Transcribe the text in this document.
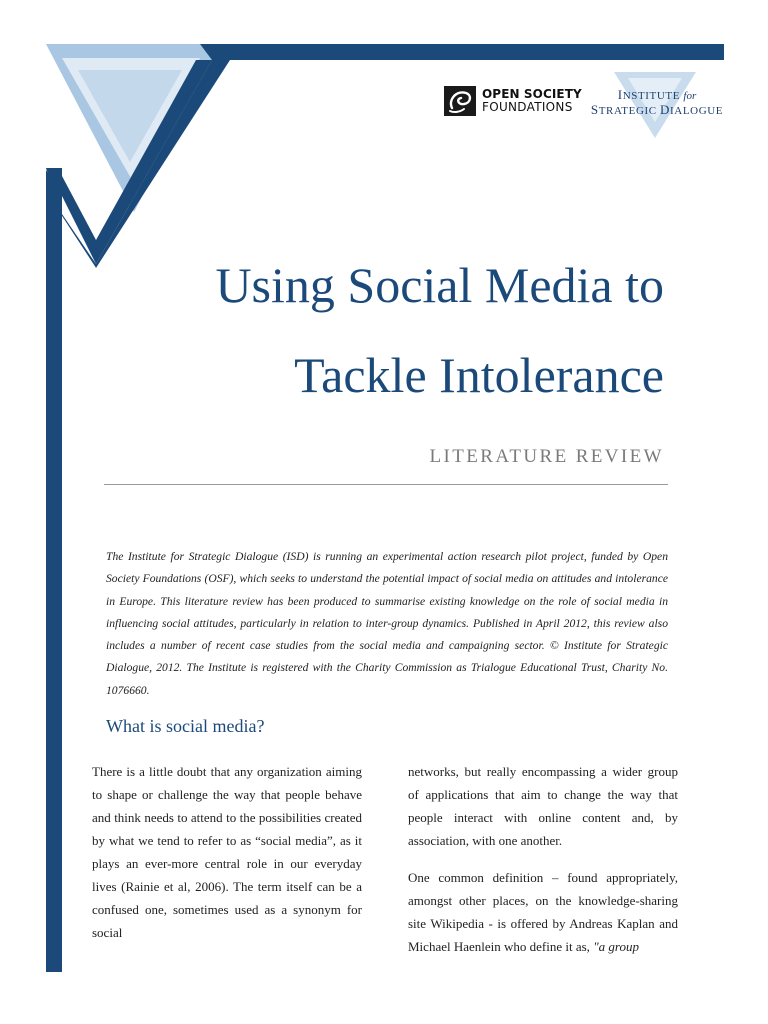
OPEN SOCIETY
FOUNDATIONS
INSTITUTE for
STRATEGIC DIALOGUE
Using Social Media to
Tackle Intolerance
LITERATURE REVIEW

The Institute for Strategic Dialogue (ISD) is running an experimental action research pilot project, funded by Open Society Foundations (OSF), which seeks to understand the potential impact of social media on attitudes and intolerance in Europe. This literature review has been produced to summarise existing knowledge on the role of social media in influencing social attitudes, particularly in relation to inter-group dynamics. Published in April 2012, this review also includes a number of recent case studies from the social media and campaigning sector. © Institute for Strategic Dialogue, 2012. The Institute is registered with the Charity Commission as Trialogue Educational Trust, Charity No. 1076660.

What is social media?

There is a little doubt that any organization aiming to shape or challenge the way that people behave and think needs to attend to the possibilities created by what we tend to refer to as “social media”, as it plays an ever-more central role in our everyday lives (Rainie et al, 2006). The term itself can be a confused one, sometimes used as a synonym for social

networks, but really encompassing a wider group of applications that aim to change the way that people interact with online content and, by association, with one another.

One common definition – found appropriately, amongst other places, on the knowledge-sharing site Wikipedia - is offered by Andreas Kaplan and Michael Haenlein who define it as, "a group
